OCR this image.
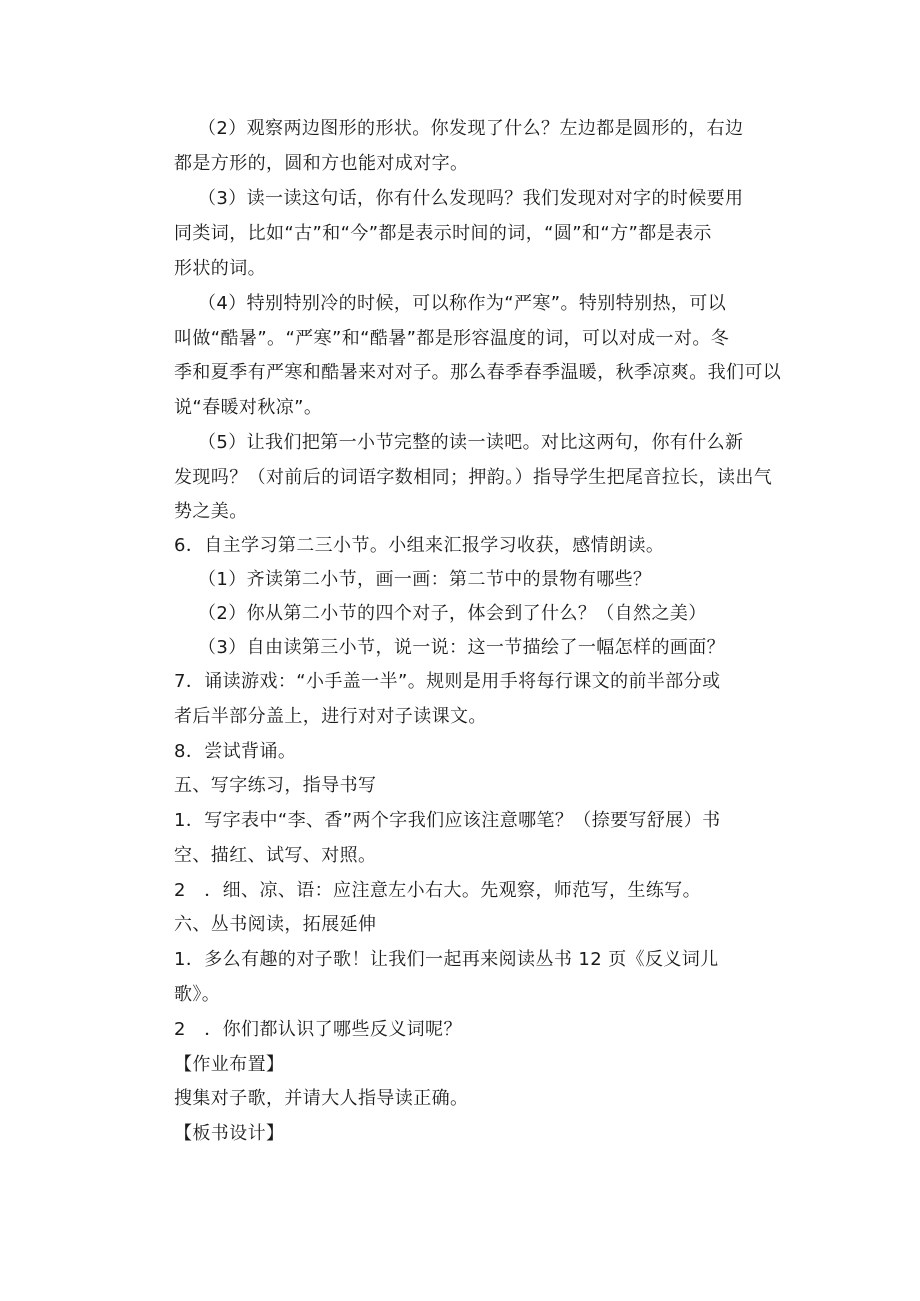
（2）观察两边图形的形状。你发现了什么？左边都是圆形的，右边
都是方形的，圆和方也能对成对字。
（3）读一读这句话，你有什么发现吗？我们发现对对字的时候要用
同类词，比如“古”和“今”都是表示时间的词，“圆”和“方”都是表示
形状的词。
（4）特别特别冷的时候，可以称作为“严寒”。特别特别热，可以
叫做“酷暑”。“严寒”和“酷暑”都是形容温度的词，可以对成一对。冬
季和夏季有严寒和酷暑来对对子。那么春季春季温暖，秋季凉爽。我们可以
说“春暖对秋凉”。
（5）让我们把第一小节完整的读一读吧。对比这两句，你有什么新
发现吗？（对前后的词语字数相同；押韵。）指导学生把尾音拉长，读出气
势之美。
6．自主学习第二三小节。小组来汇报学习收获，感情朗读。
（1）齐读第二小节，画一画：第二节中的景物有哪些？
（2）你从第二小节的四个对子，体会到了什么？（自然之美）
（3）自由读第三小节，说一说：这一节描绘了一幅怎样的画面？
7．诵读游戏：“小手盖一半”。规则是用手将每行课文的前半部分或
者后半部分盖上，进行对对子读课文。
8．尝试背诵。
五、写字练习，指导书写
1．写字表中“李、香”两个字我们应该注意哪笔？（捺要写舒展）书
空、描红、试写、对照。
2　．细、凉、语：应注意左小右大。先观察，师范写，生练写。
六、丛书阅读，拓展延伸
1．多么有趣的对子歌！让我们一起再来阅读丛书 12 页《反义词儿
歌》。
2　．你们都认识了哪些反义词呢？
【作业布置】
搜集对子歌，并请大人指导读正确。
【板书设计】
